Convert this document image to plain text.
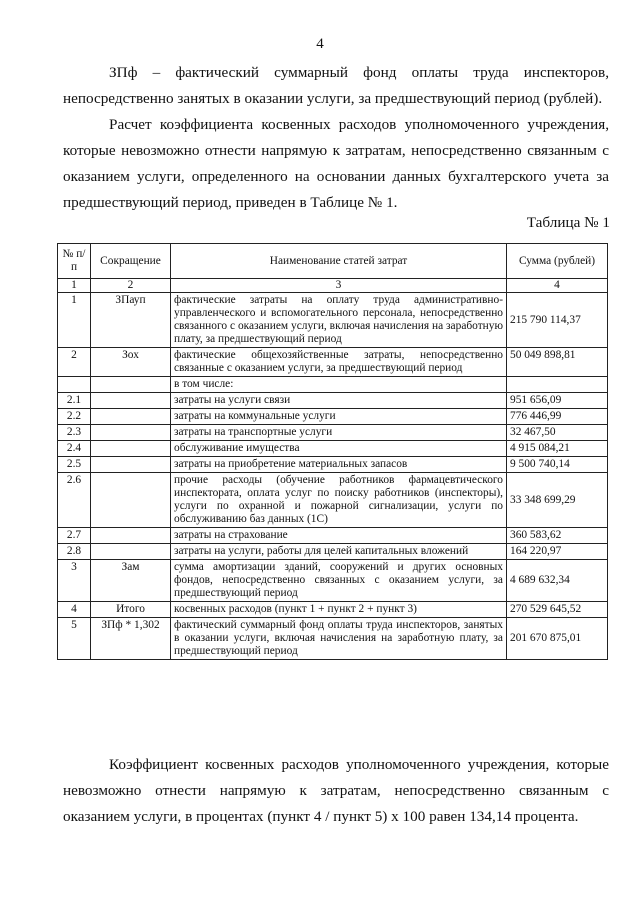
4
ЗПф – фактический суммарный фонд оплаты труда инспекторов, непосредственно занятых в оказании услуги, за предшествующий период (рублей).
Расчет коэффициента косвенных расходов уполномоченного учреждения, которые невозможно отнести напрямую к затратам, непосредственно связанным с оказанием услуги, определенного на основании данных бухгалтерского учета за предшествующий период, приведен в Таблице № 1.
Таблица № 1
№ п/п	Сокращение	Наименование статей затрат	Сумма (рублей)
1	2	3	4
1	ЗПауп	фактические затраты на оплату труда административно-управленческого и вспомогательного персонала, непосредственно связанного с оказанием услуги, включая начисления на заработную плату, за предшествующий период	215 790 114,37
2	Зох	фактические общехозяйственные затраты, непосредственно связанные с оказанием услуги, за предшествующий период	50 049 898,81
		в том числе:	
2.1		затраты на услуги связи	951 656,09
2.2		затраты на коммунальные услуги	776 446,99
2.3		затраты на транспортные услуги	32 467,50
2.4		обслуживание имущества	4 915 084,21
2.5		затраты на приобретение материальных запасов	9 500 740,14
2.6		прочие расходы (обучение работников фармацевтического инспектората, оплата услуг по поиску работников (инспекторы), услуги по охранной и пожарной сигнализации, услуги по обслуживанию баз данных (1С)	33 348 699,29
2.7		затраты на страхование	360 583,62
2.8		затраты на услуги, работы для целей капитальных вложений	164 220,97
3	Зам	сумма амортизации зданий, сооружений и других основных фондов, непосредственно связанных с оказанием услуги, за предшествующий период	4 689 632,34
4	Итого	косвенных расходов (пункт 1 + пункт 2 + пункт 3)	270 529 645,52
5	ЗПф * 1,302	фактический суммарный фонд оплаты труда инспекторов, занятых в оказании услуги, включая начисления на заработную плату, за предшествующий период	201 670 875,01
Коэффициент косвенных расходов уполномоченного учреждения, которые невозможно отнести напрямую к затратам, непосредственно связанным с оказанием услуги, в процентах (пункт 4 / пункт 5) х 100 равен 134,14 процента.
